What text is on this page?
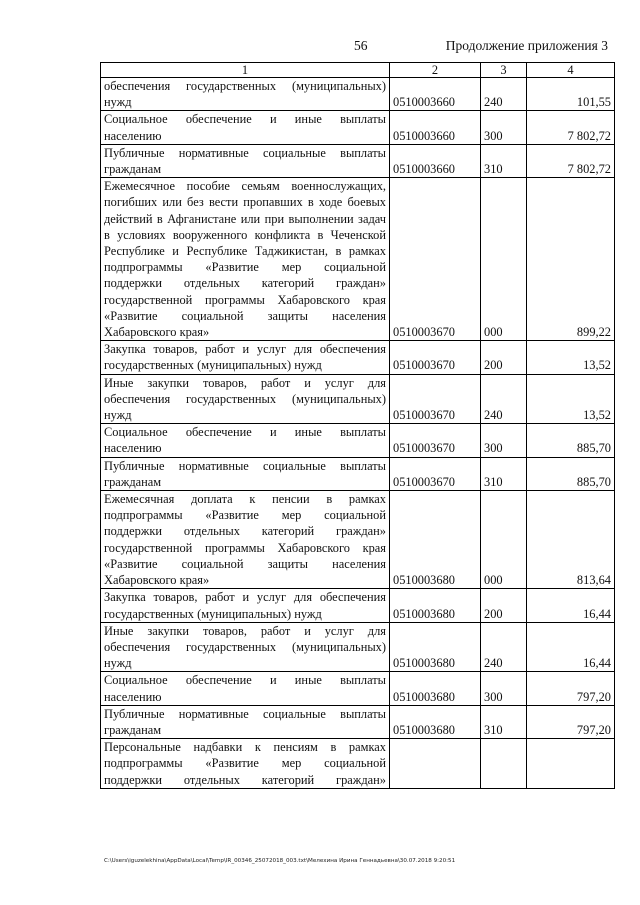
56	Продолжение приложения 3
1	2	3	4
обеспечения государственных (муниципальных) нужд	0510003660	240	101,55
Социальное обеспечение и иные выплаты населению	0510003660	300	7 802,72
Публичные нормативные социальные выплаты гражданам	0510003660	310	7 802,72
Ежемесячное пособие семьям военнослужащих, погибших или без вести пропавших в ходе боевых действий в Афганистане или при выполнении задач в условиях вооруженного конфликта в Чеченской Республике и Республике Таджикистан, в рамках подпрограммы «Развитие мер социальной поддержки отдельных категорий граждан» государственной программы Хабаровского края «Развитие социальной защиты населения Хабаровского края»	0510003670	000	899,22
Закупка товаров, работ и услуг для обеспечения государственных (муниципальных) нужд	0510003670	200	13,52
Иные закупки товаров, работ и услуг для обеспечения государственных (муниципальных) нужд	0510003670	240	13,52
Социальное обеспечение и иные выплаты населению	0510003670	300	885,70
Публичные нормативные социальные выплаты гражданам	0510003670	310	885,70
Ежемесячная доплата к пенсии в рамках подпрограммы «Развитие мер социальной поддержки отдельных категорий граждан» государственной программы Хабаровского края «Развитие социальной защиты населения Хабаровского края»	0510003680	000	813,64
Закупка товаров, работ и услуг для обеспечения государственных (муниципальных) нужд	0510003680	200	16,44
Иные закупки товаров, работ и услуг для обеспечения государственных (муниципальных) нужд	0510003680	240	16,44
Социальное обеспечение и иные выплаты населению	0510003680	300	797,20
Публичные нормативные социальные выплаты гражданам	0510003680	310	797,20
Персональные надбавки к пенсиям в рамках подпрограммы «Развитие мер социальной поддержки отдельных категорий граждан»			
C:\Users\iguzelekhina\AppData\Local\Temp\IR_00346_25072018_003.txt\Мелехина Ирина Геннадьевна\30.07.2018 9:20:51
